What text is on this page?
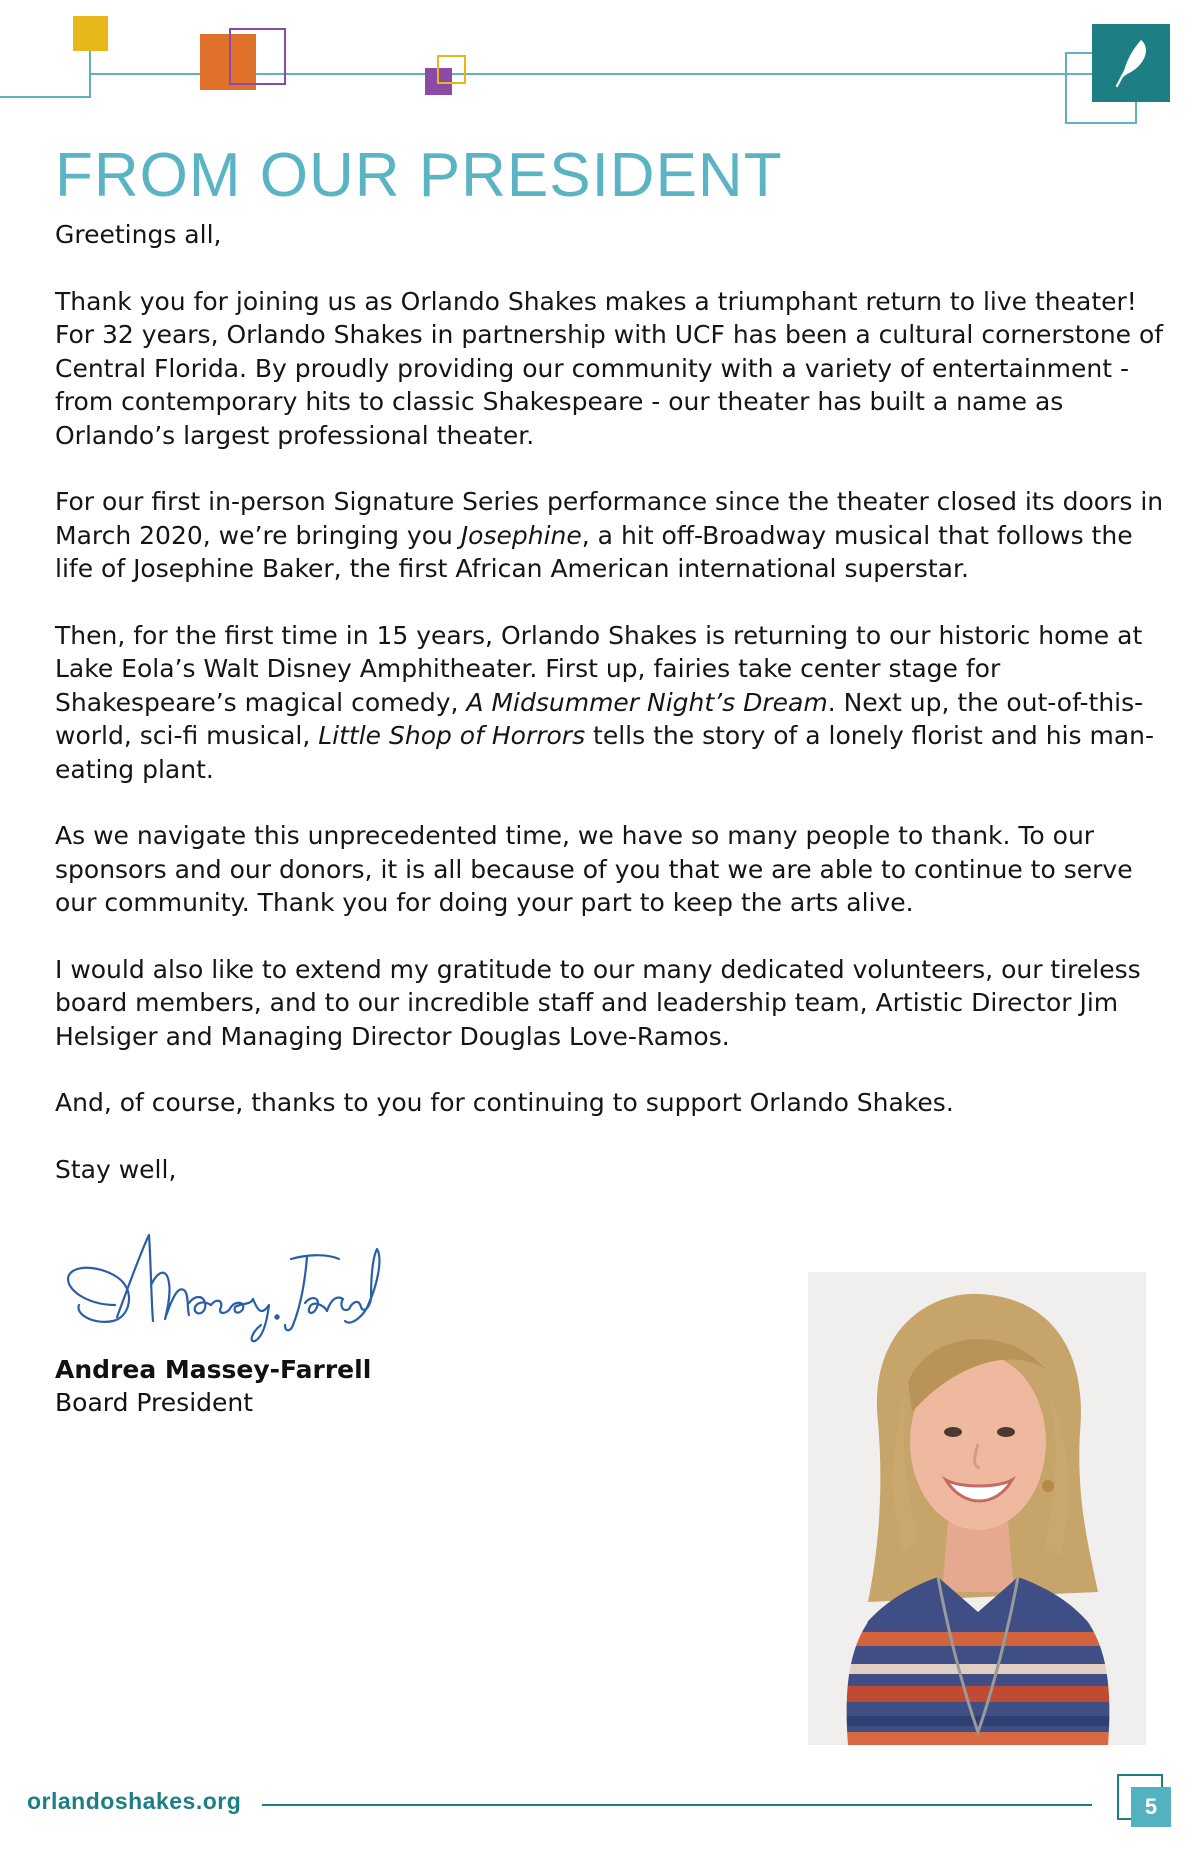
FROM OUR PRESIDENT

Greetings all,

Thank you for joining us as Orlando Shakes makes a triumphant return to live theater! For 32 years, Orlando Shakes in partnership with UCF has been a cultural cornerstone of Central Florida. By proudly providing our community with a variety of entertainment - from contemporary hits to classic Shakespeare - our theater has built a name as Orlando’s largest professional theater.

For our first in-person Signature Series performance since the theater closed its doors in March 2020, we’re bringing you Josephine, a hit off-Broadway musical that follows the life of Josephine Baker, the first African American international superstar.

Then, for the first time in 15 years, Orlando Shakes is returning to our historic home at Lake Eola’s Walt Disney Amphitheater. First up, fairies take center stage for Shakespeare’s magical comedy, A Midsummer Night’s Dream. Next up, the out-of-this-world, sci-fi musical, Little Shop of Horrors tells the story of a lonely florist and his man-eating plant.

As we navigate this unprecedented time, we have so many people to thank. To our sponsors and our donors, it is all because of you that we are able to continue to serve our community. Thank you for doing your part to keep the arts alive.

I would also like to extend my gratitude to our many dedicated volunteers, our tireless board members, and to our incredible staff and leadership team, Artistic Director Jim Helsiger and Managing Director Douglas Love-Ramos.

And, of course, thanks to you for continuing to support Orlando Shakes.

Stay well,

Andrea Massey-Farrell
Board President
orlandoshakes.org	5
